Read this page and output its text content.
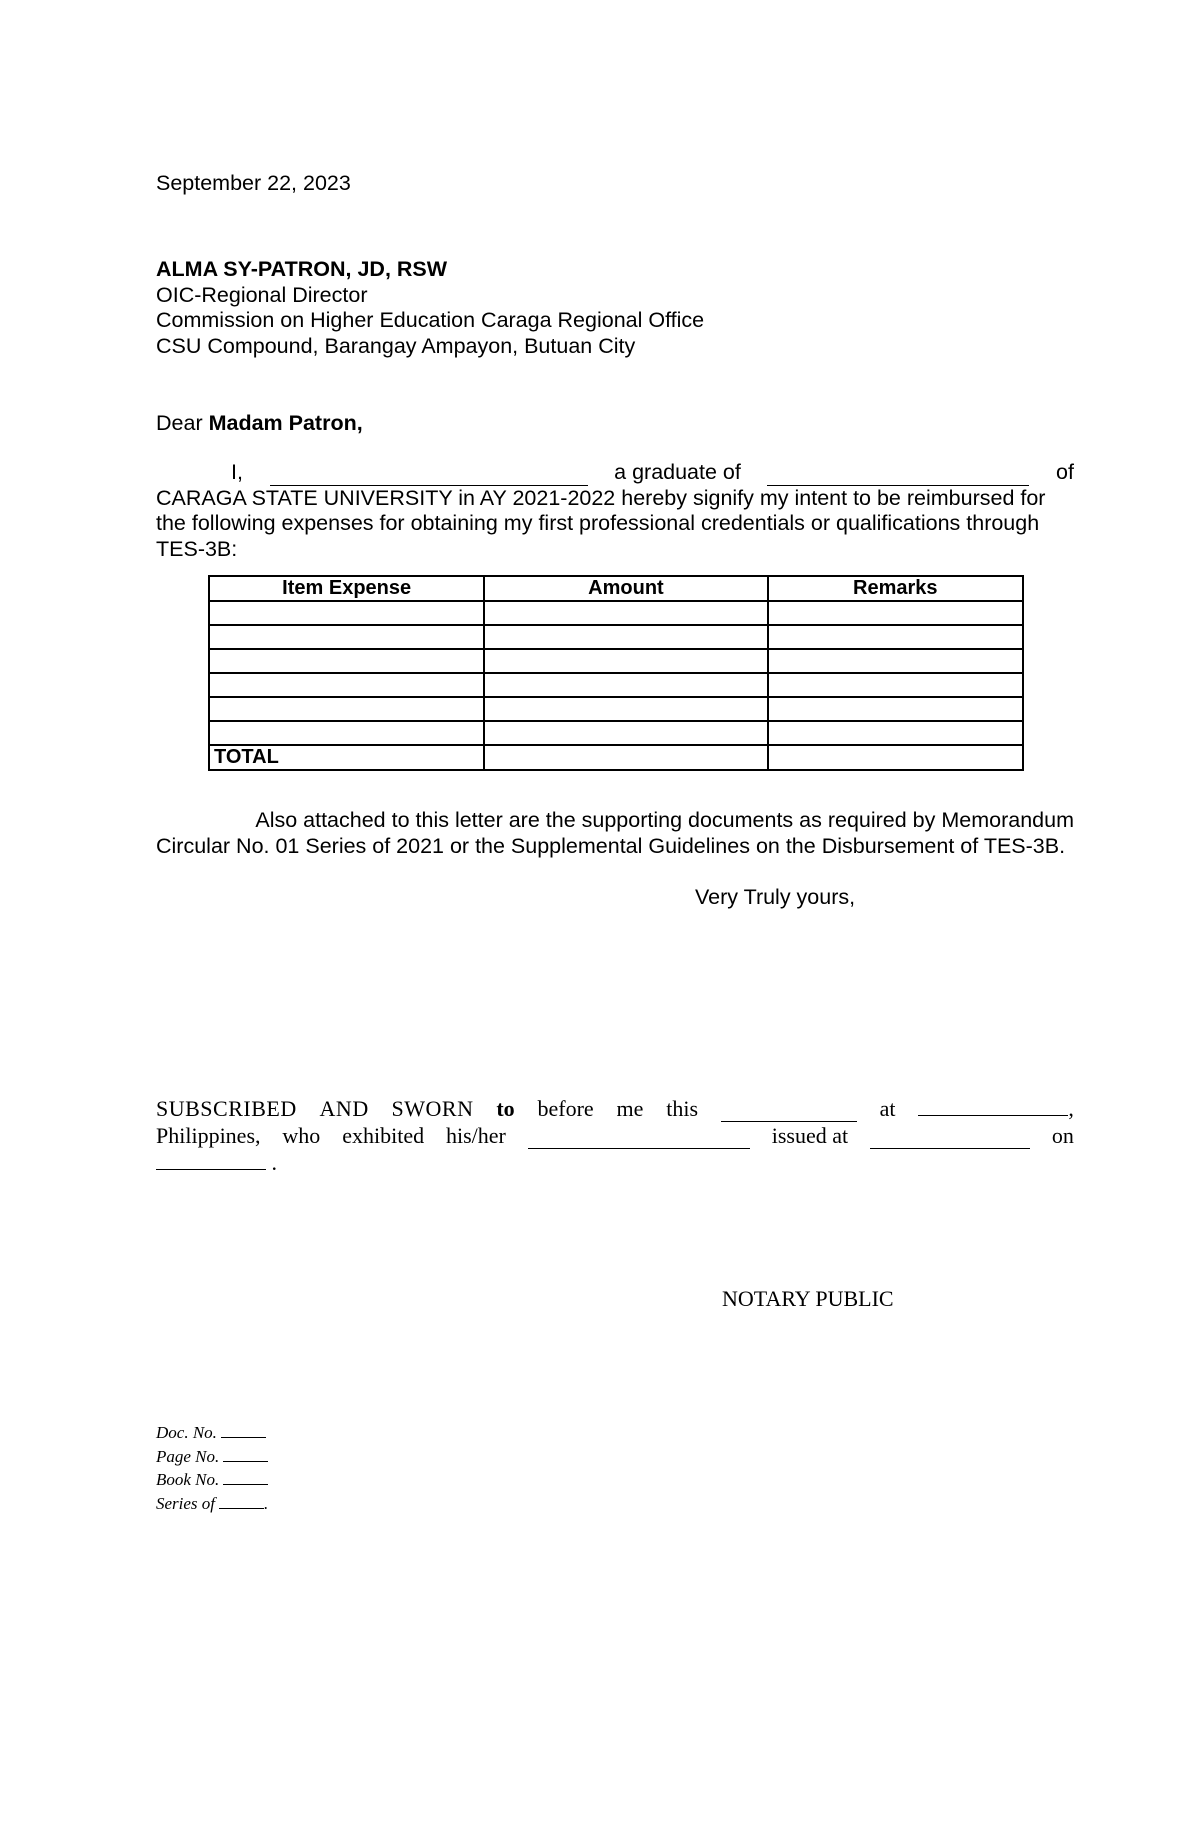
September 22, 2023
ALMA SY-PATRON, JD, RSW
OIC-Regional Director
Commission on Higher Education Caraga Regional Office
CSU Compound, Barangay Ampayon, Butuan City
Dear Madam Patron,
I,	a graduate of	of
CARAGA STATE UNIVERSITY in AY 2021-2022 hereby signify my intent to be reimbursed for
the following expenses for obtaining my first professional credentials or qualifications through
TES-3B:
Item Expense	Amount	Remarks

TOTAL		
Also attached to this letter are the supporting documents as required by Memorandum
Circular No. 01 Series of 2021 or the Supplemental Guidelines on the Disbursement of TES-3B.
Very Truly yours,
SUBSCRIBED AND SWORN to before me this	at	,
Philippines, who exhibited his/her	issued at	on
.
NOTARY PUBLIC
Doc. No.
Page No.
Book No.
Series of	.
